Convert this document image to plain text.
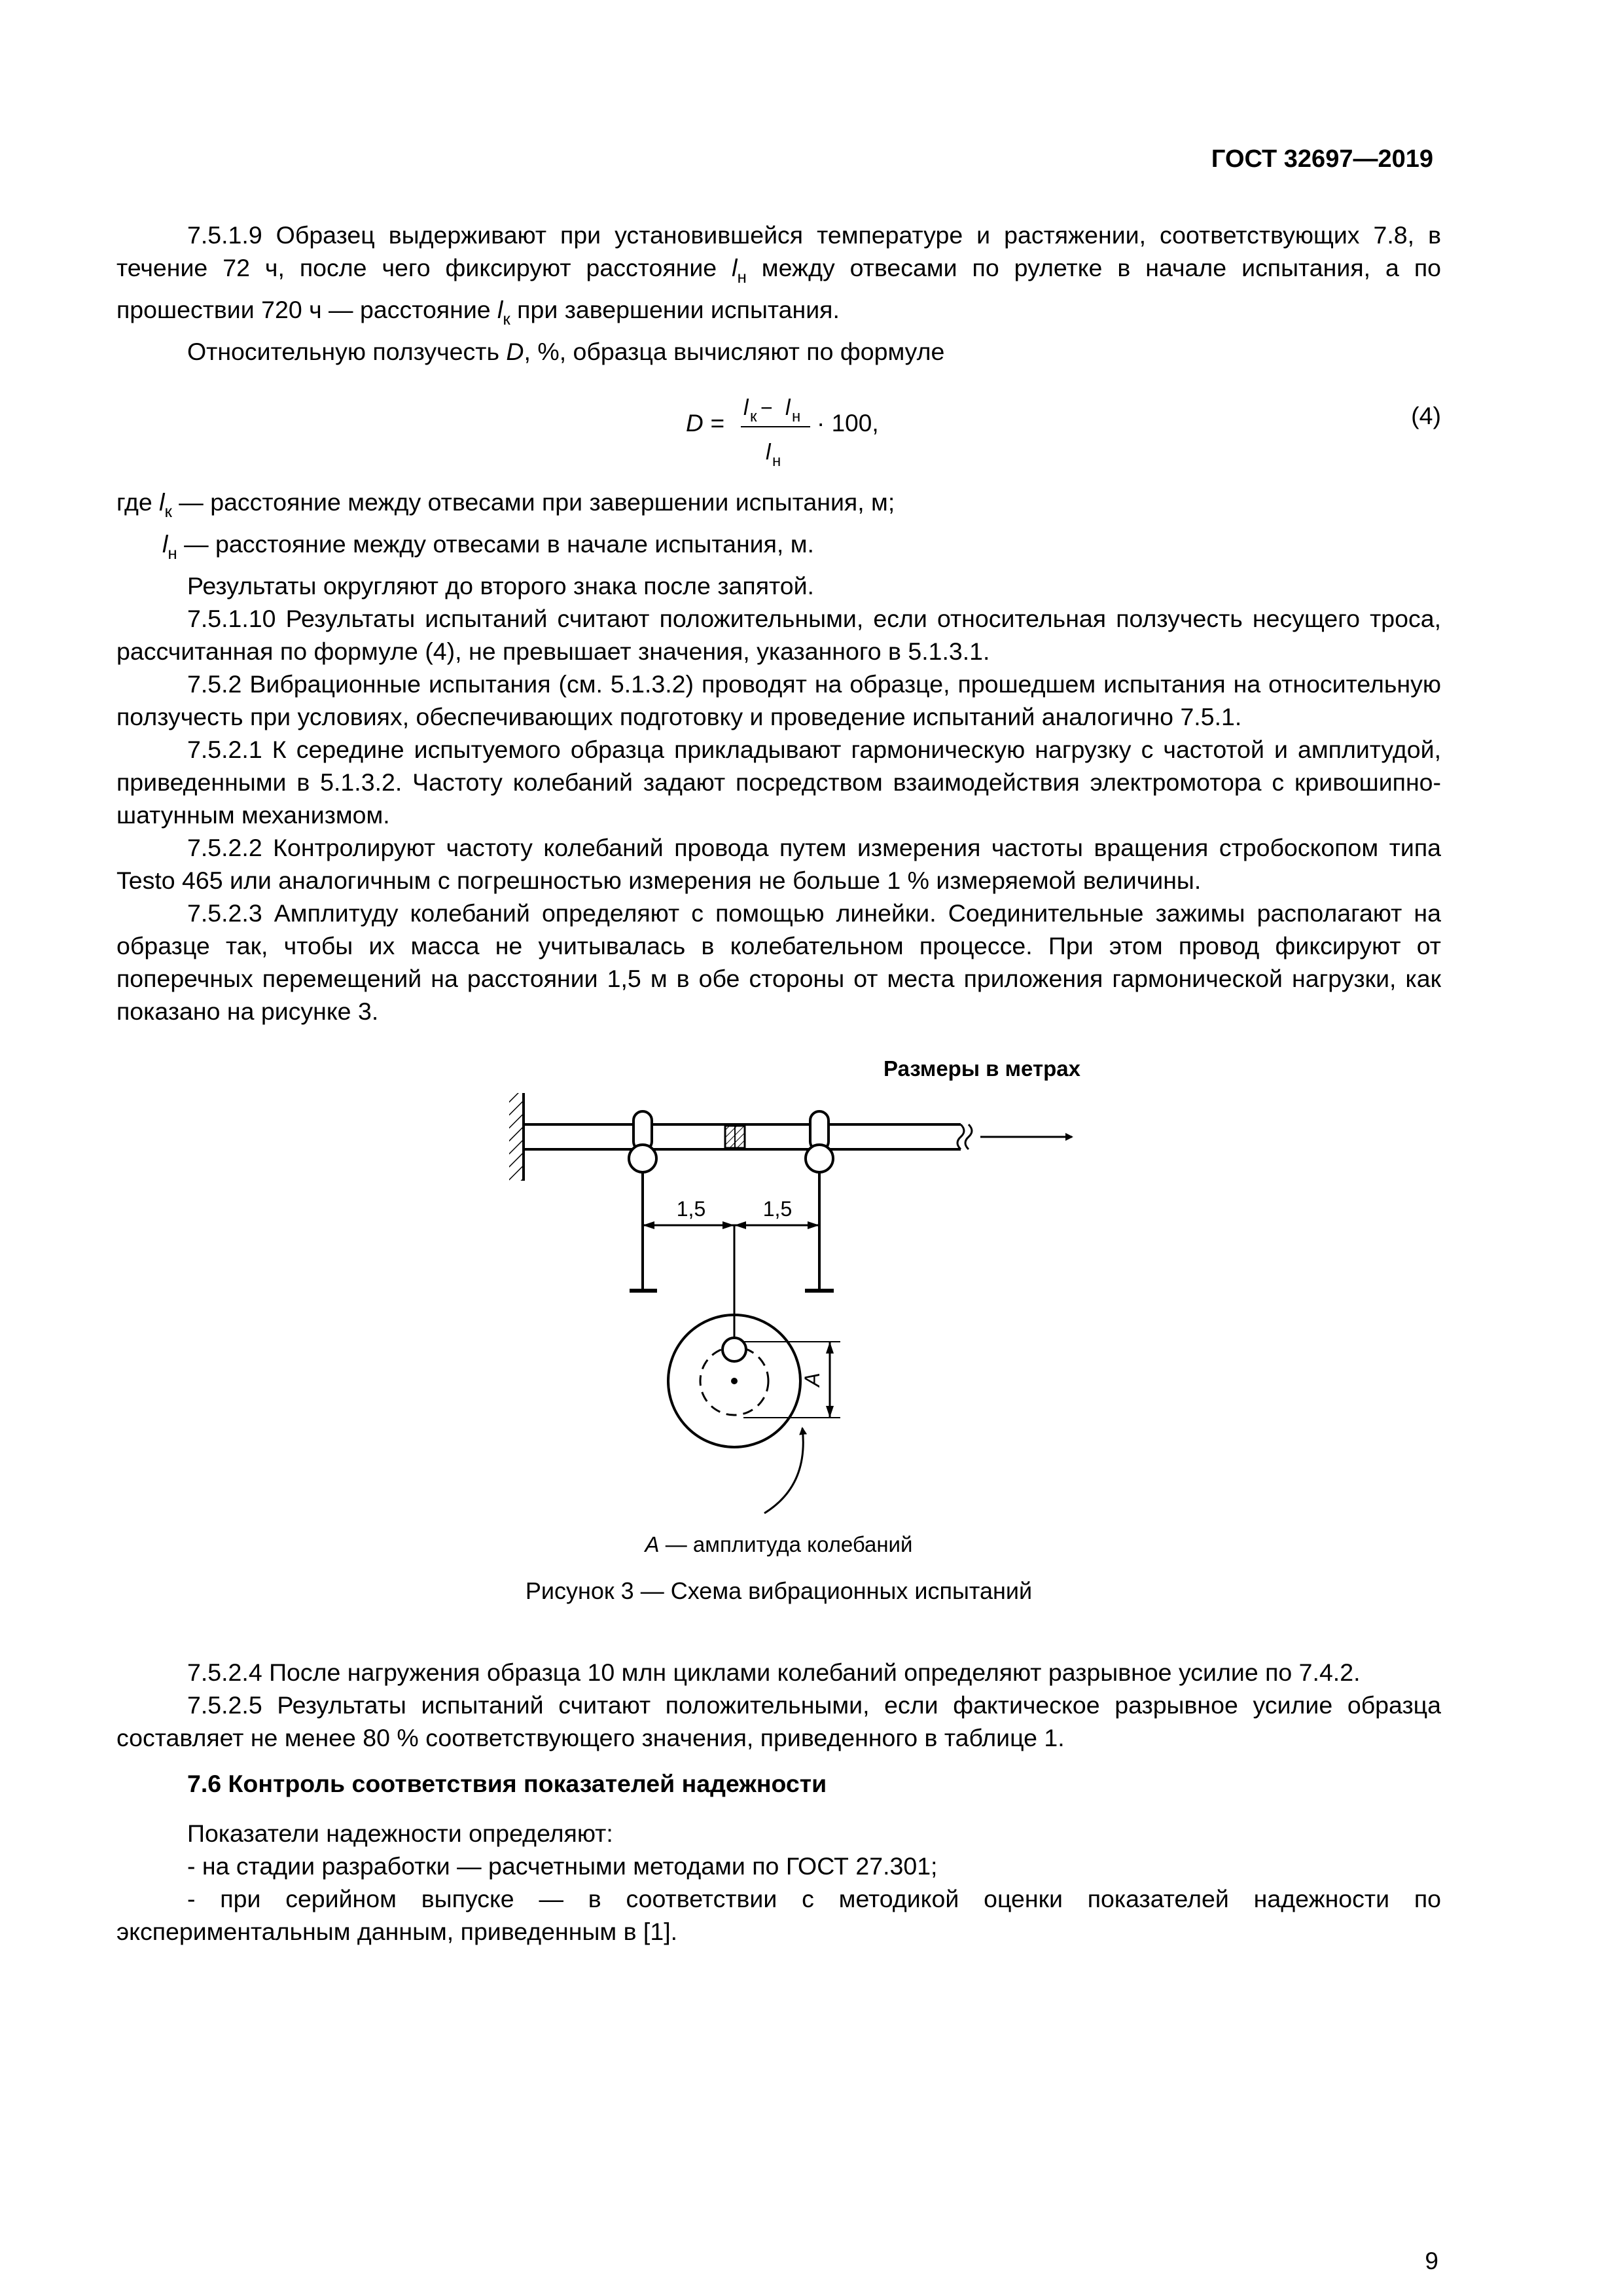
ГОСТ 32697—2019

7.5.1.9 Образец выдерживают при установившейся температуре и растяжении, соответствующих 7.8, в течение 72 ч, после чего фиксируют расстояние $l_н$ между отвесами по рулетке в начале испытания, а по прошествии 720 ч — расстояние $l_к$ при завершении испытания.

Относительную ползучесть D, %, образца вычисляют по формуле

D =
l к − l н
l н
· 100,	(4)

где $l_к$ — расстояние между отвесами при завершении испытания, м;

$l_н$ — расстояние между отвесами в начале испытания, м.

Результаты округляют до второго знака после запятой.

7.5.1.10 Результаты испытаний считают положительными, если относительная ползучесть несущего троса, рассчитанная по формуле (4), не превышает значения, указанного в 5.1.3.1.

7.5.2 Вибрационные испытания (см. 5.1.3.2) проводят на образце, прошедшем испытания на относительную ползучесть при условиях, обеспечивающих подготовку и проведение испытаний аналогично 7.5.1.

7.5.2.1 К середине испытуемого образца прикладывают гармоническую нагрузку с частотой и амплитудой, приведенными в 5.1.3.2. Частоту колебаний задают посредством взаимодействия электромотора с кривошипно-шатунным механизмом.

7.5.2.2 Контролируют частоту колебаний провода путем измерения частоты вращения стробоскопом типа Testo 465 или аналогичным с погрешностью измерения не больше 1 % измеряемой величины.

7.5.2.3 Амплитуду колебаний определяют с помощью линейки. Соединительные зажимы располагают на образце так, чтобы их масса не учитывалась в колебательном процессе. При этом провод фиксируют от поперечных перемещений на расстоянии 1,5 м в обе стороны от места приложения гармонической нагрузки, как показано на рисунке 3.

Размеры в метрах
1,5	1,5
A
A — амплитуда колебаний
Рисунок 3 — Схема вибрационных испытаний

7.5.2.4 После нагружения образца 10 млн циклами колебаний определяют разрывное усилие по 7.4.2.

7.5.2.5 Результаты испытаний считают положительными, если фактическое разрывное усилие образца составляет не менее 80 % соответствующего значения, приведенного в таблице 1.

7.6 Контроль соответствия показателей надежности

Показатели надежности определяют:

- на стадии разработки — расчетными методами по ГОСТ 27.301;

- при серийном выпуске — в соответствии с методикой оценки показателей надежности по экспериментальным данным, приведенным в [1].

9
